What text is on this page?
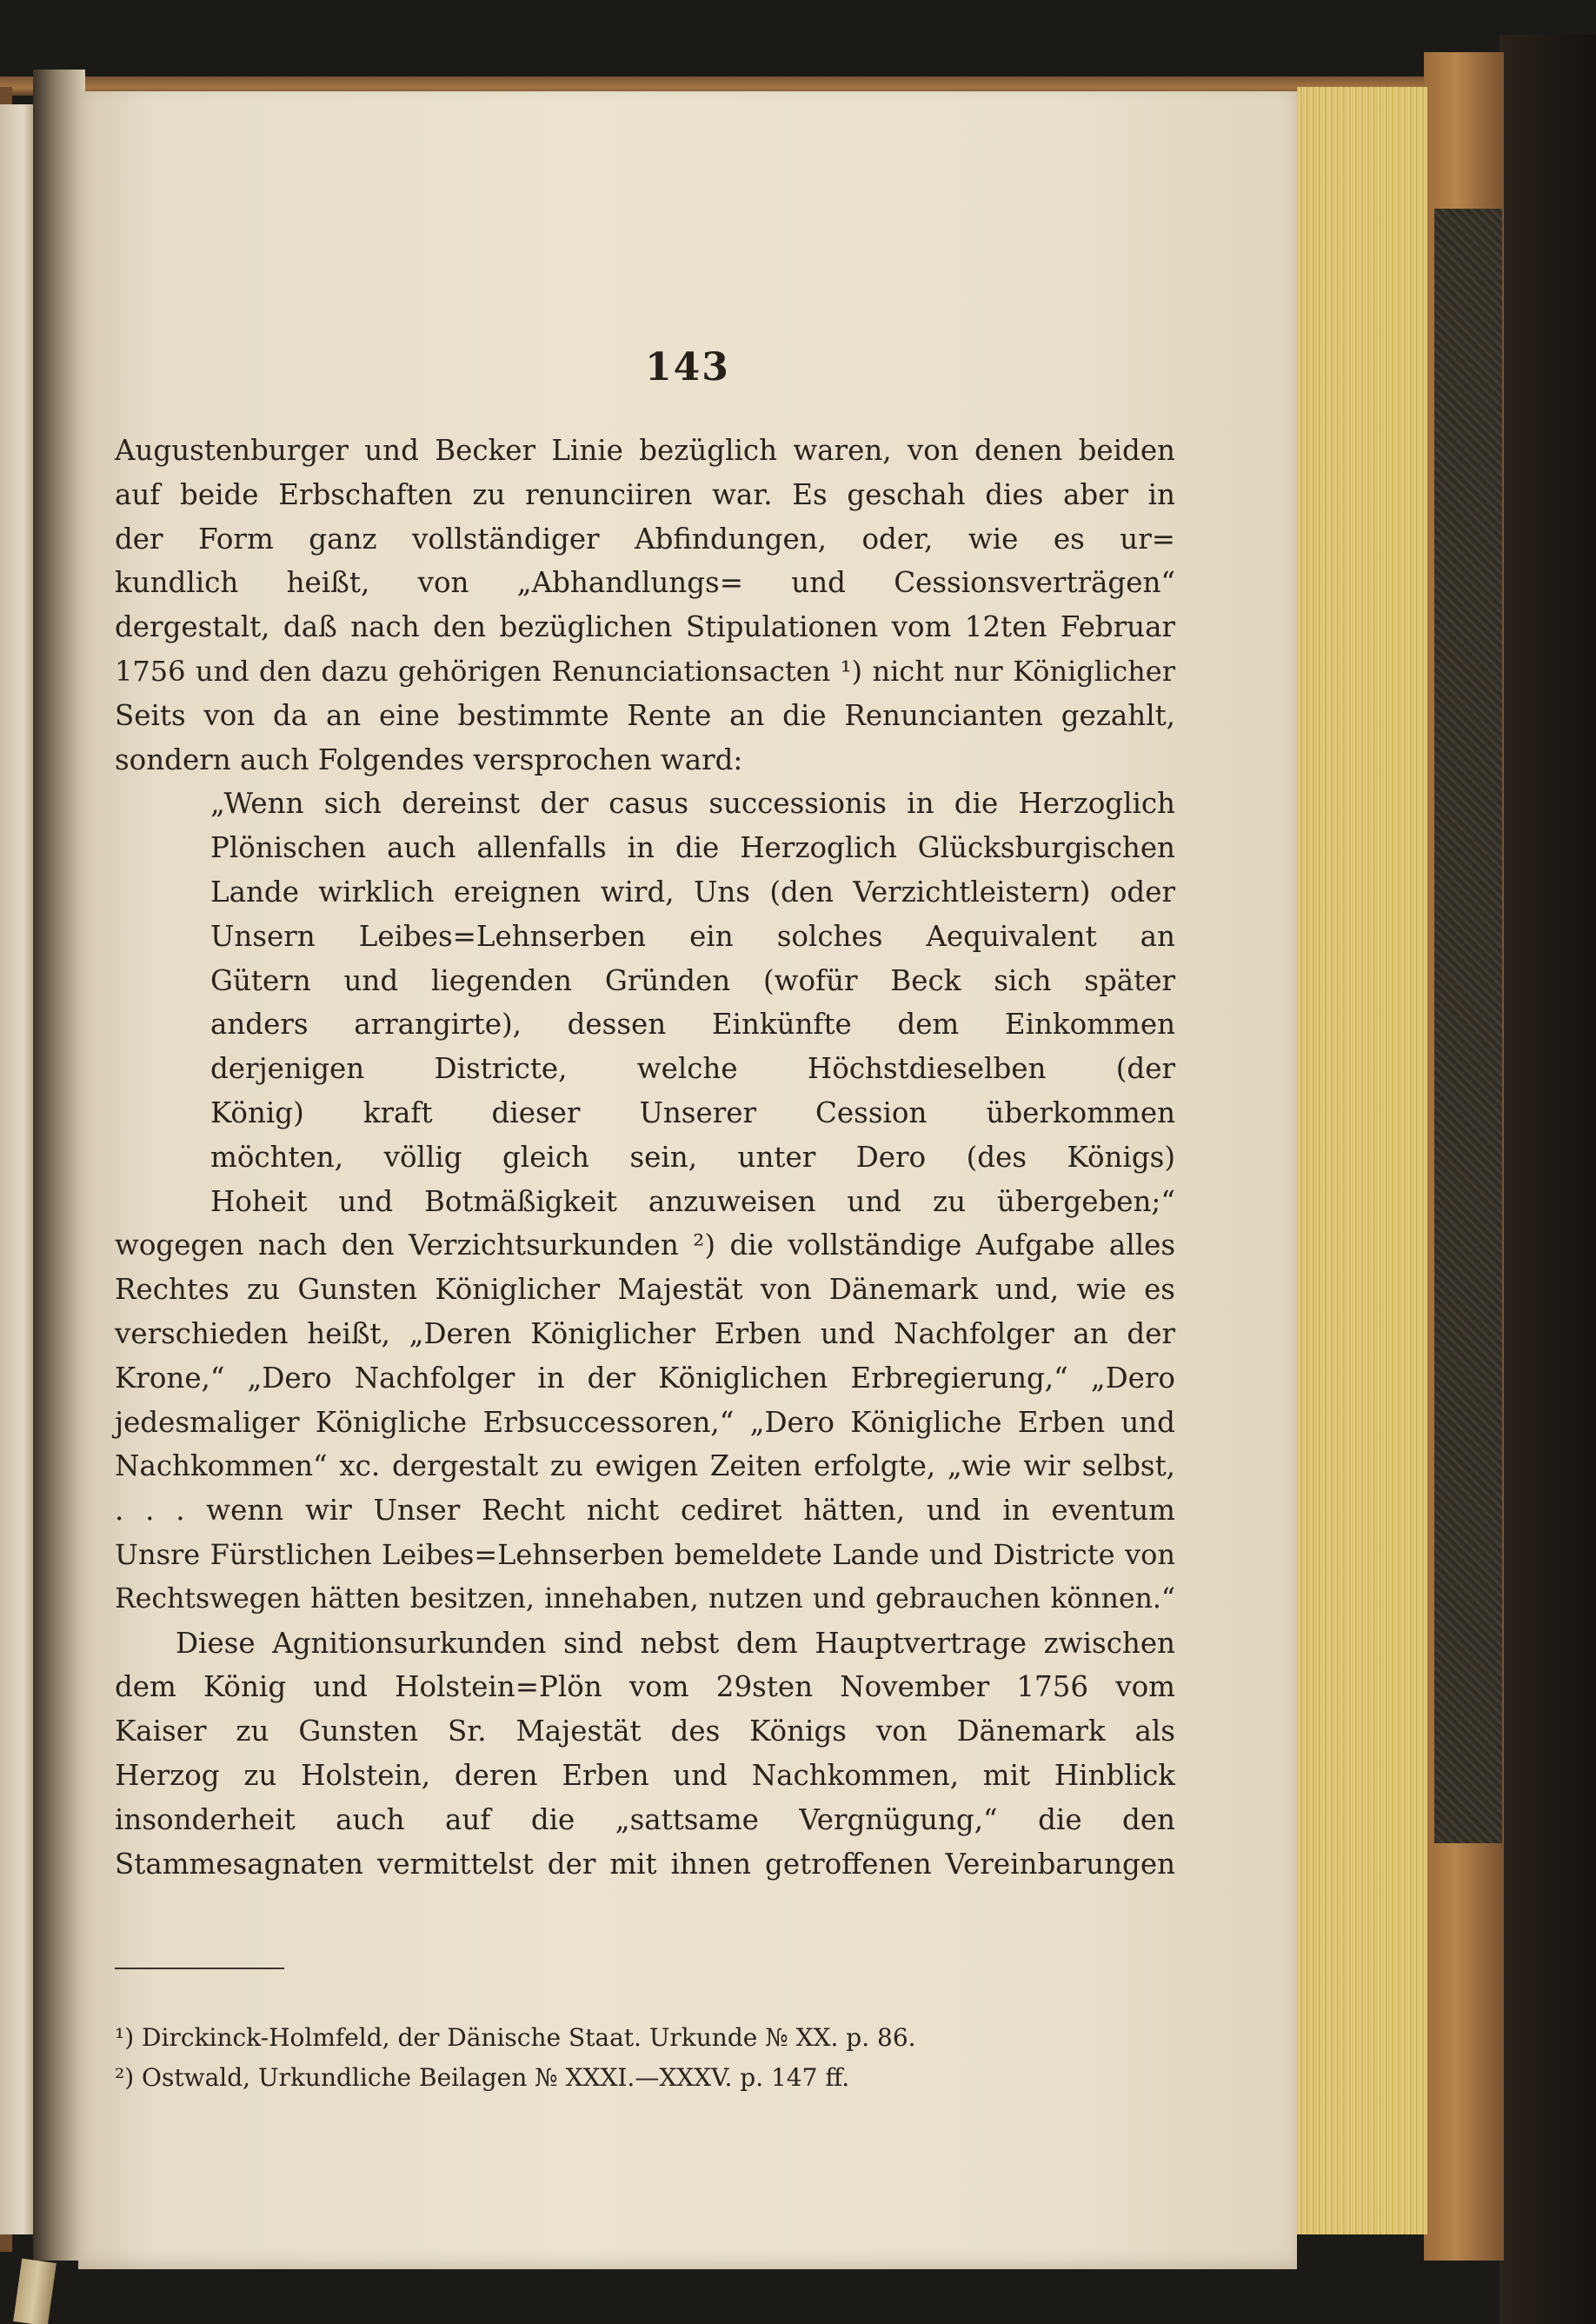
143
Augustenburger und Becker Linie bezüglich waren, von denen beiden
auf beide Erbschaften zu renunciiren war. Es geschah dies aber in
der Form ganz vollständiger Abfindungen, oder, wie es ur=
kundlich heißt, von „Abhandlungs= und Cessionsverträgen“
dergestalt, daß nach den bezüglichen Stipulationen vom 12ten Februar
1756 und den dazu gehörigen Renunciationsacten ¹) nicht nur Königlicher
Seits von da an eine bestimmte Rente an die Renuncianten gezahlt,
sondern auch Folgendes versprochen ward:
„Wenn sich dereinst der casus successionis in die Herzoglich
Plönischen auch allenfalls in die Herzoglich Glücksburgischen
Lande wirklich ereignen wird, Uns (den Verzichtleistern) oder
Unsern Leibes=Lehnserben ein solches Aequivalent an
Gütern und liegenden Gründen (wofür Beck sich später
anders arrangirte), dessen Einkünfte dem Einkommen
derjenigen Districte, welche Höchstdieselben (der
König) kraft dieser Unserer Cession überkommen
möchten, völlig gleich sein, unter Dero (des Königs)
Hoheit und Botmäßigkeit anzuweisen und zu übergeben;“
wogegen nach den Verzichtsurkunden ²) die vollständige Aufgabe alles
Rechtes zu Gunsten Königlicher Majestät von Dänemark und, wie es
verschieden heißt, „Deren Königlicher Erben und Nachfolger an der
Krone,“ „Dero Nachfolger in der Königlichen Erbregierung,“ „Dero
jedesmaliger Königliche Erbsuccessoren,“ „Dero Königliche Erben und
Nachkommen“ xc. dergestalt zu ewigen Zeiten erfolgte, „wie wir selbst,
. . . wenn wir Unser Recht nicht cediret hätten, und in eventum
Unsre Fürstlichen Leibes=Lehnserben bemeldete Lande und Districte von
Rechtswegen hätten besitzen, innehaben, nutzen und gebrauchen können.“
Diese Agnitionsurkunden sind nebst dem Hauptvertrage zwischen
dem König und Holstein=Plön vom 29sten November 1756 vom
Kaiser zu Gunsten Sr. Majestät des Königs von Dänemark als
Herzog zu Holstein, deren Erben und Nachkommen, mit Hinblick
insonderheit auch auf die „sattsame Vergnügung,“ die den
Stammesagnaten vermittelst der mit ihnen getroffenen Vereinbarungen
¹) Dirckinck-Holmfeld, der Dänische Staat. Urkunde № XX. p. 86.
²) Ostwald, Urkundliche Beilagen № XXXI.—XXXV. p. 147 ff.
